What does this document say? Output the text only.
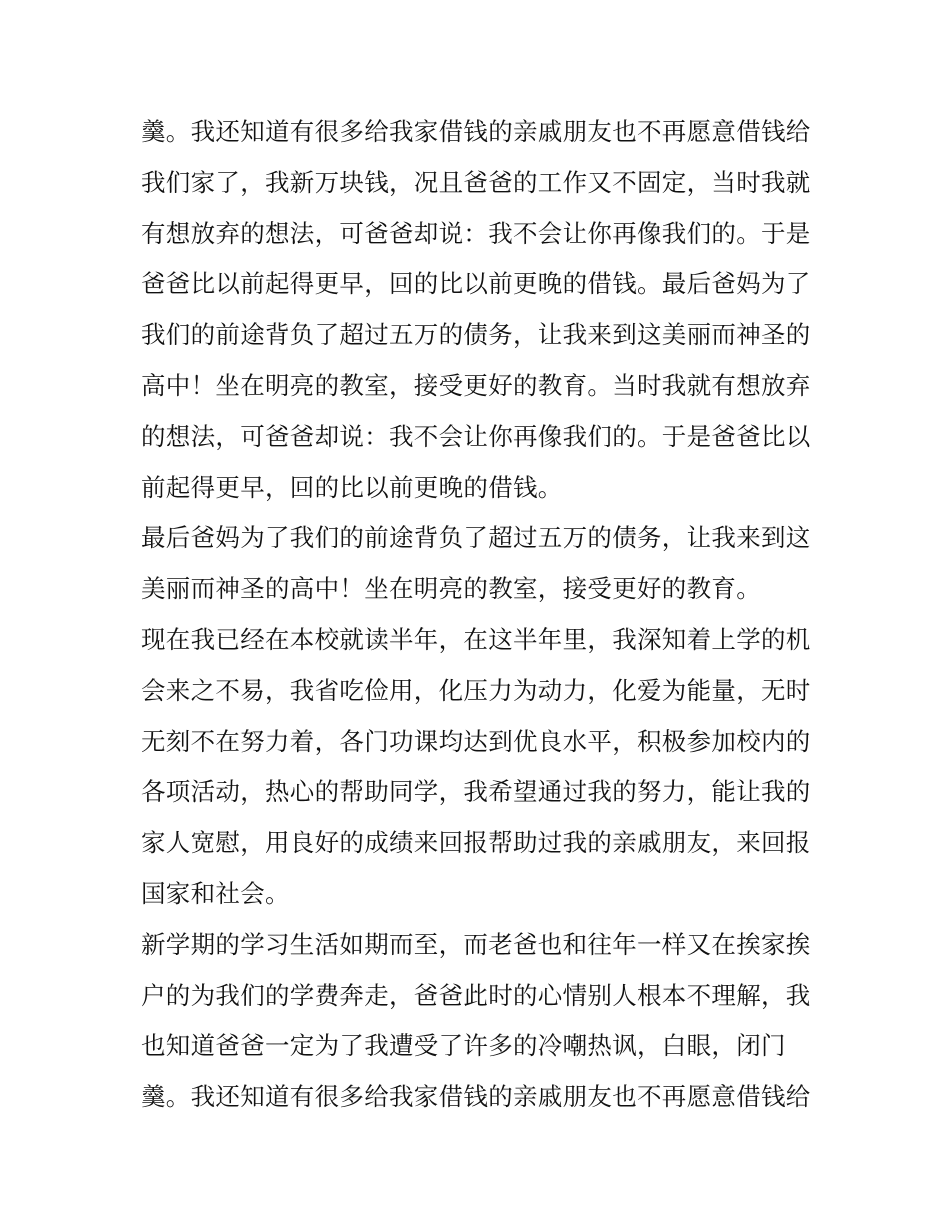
羹。我还知道有很多给我家借钱的亲戚朋友也不再愿意借钱给
我们家了，我新万块钱，况且爸爸的工作又不固定，当时我就
有想放弃的想法，可爸爸却说：我不会让你再像我们的。于是
爸爸比以前起得更早，回的比以前更晚的借钱。最后爸妈为了
我们的前途背负了超过五万的债务，让我来到这美丽而神圣的
高中！坐在明亮的教室，接受更好的教育。当时我就有想放弃
的想法，可爸爸却说：我不会让你再像我们的。于是爸爸比以
前起得更早，回的比以前更晚的借钱。
最后爸妈为了我们的前途背负了超过五万的债务，让我来到这
美丽而神圣的高中！坐在明亮的教室，接受更好的教育。
现在我已经在本校就读半年，在这半年里，我深知着上学的机
会来之不易，我省吃俭用，化压力为动力，化爱为能量，无时
无刻不在努力着，各门功课均达到优良水平，积极参加校内的
各项活动，热心的帮助同学，我希望通过我的努力，能让我的
家人宽慰，用良好的成绩来回报帮助过我的亲戚朋友，来回报
国家和社会。
新学期的学习生活如期而至，而老爸也和往年一样又在挨家挨
户的为我们的学费奔走，爸爸此时的心情别人根本不理解，我
也知道爸爸一定为了我遭受了许多的冷嘲热讽，白眼，闭门
羹。我还知道有很多给我家借钱的亲戚朋友也不再愿意借钱给
